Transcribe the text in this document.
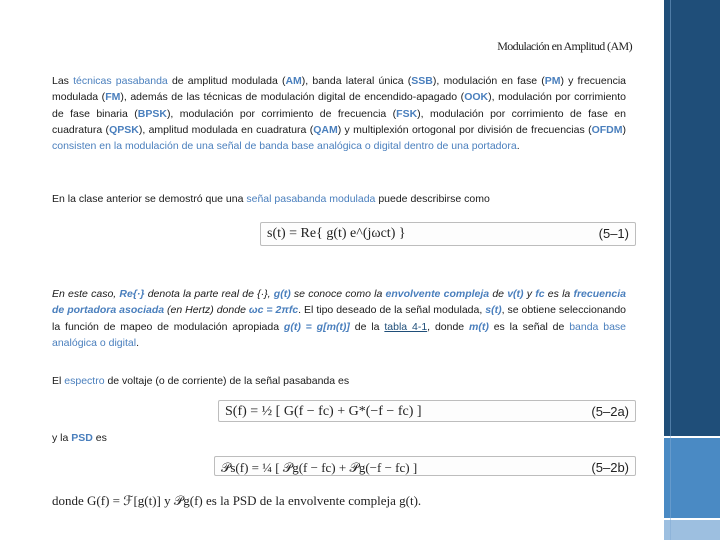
Modulación en Amplitud (AM)

Las técnicas pasabanda de amplitud modulada (AM), banda lateral única (SSB), modulación en fase (PM) y frecuencia modulada (FM), además de las técnicas de modulación digital de encendido-apagado (OOK), modulación por corrimiento de fase binaria (BPSK), modulación por corrimiento de frecuencia (FSK), modulación por corrimiento de fase en cuadratura (QPSK), amplitud modulada en cuadratura (QAM) y multiplexión ortogonal por división de frecuencias (OFDM) consisten en la modulación de una señal de banda base analógica o digital dentro de una portadora.

En la clase anterior se demostró que una señal pasabanda modulada puede describirse como

s(t) = Re{ g(t) e^(jωct) }	(5–1)

En este caso, Re{·} denota la parte real de {·}, g(t) se conoce como la envolvente compleja de v(t) y fc es la frecuencia de portadora asociada (en Hertz) donde ωc = 2πfc. El tipo deseado de la señal modulada, s(t), se obtiene seleccionando la función de mapeo de modulación apropiada g(t) = g[m(t)] de la tabla 4-1, donde m(t) es la señal de banda base analógica o digital.

El espectro de voltaje (o de corriente) de la señal pasabanda es

S(f) = ½ [ G(f − fc) + G*(−f − fc) ]	(5–2a)

y la PSD es

𝒫s(f) = ¼ [ 𝒫g(f − fc) + 𝒫g(−f − fc) ]	(5–2b)
donde G(f) = ℱ[g(t)] y 𝒫g(f) es la PSD de la envolvente compleja g(t).
